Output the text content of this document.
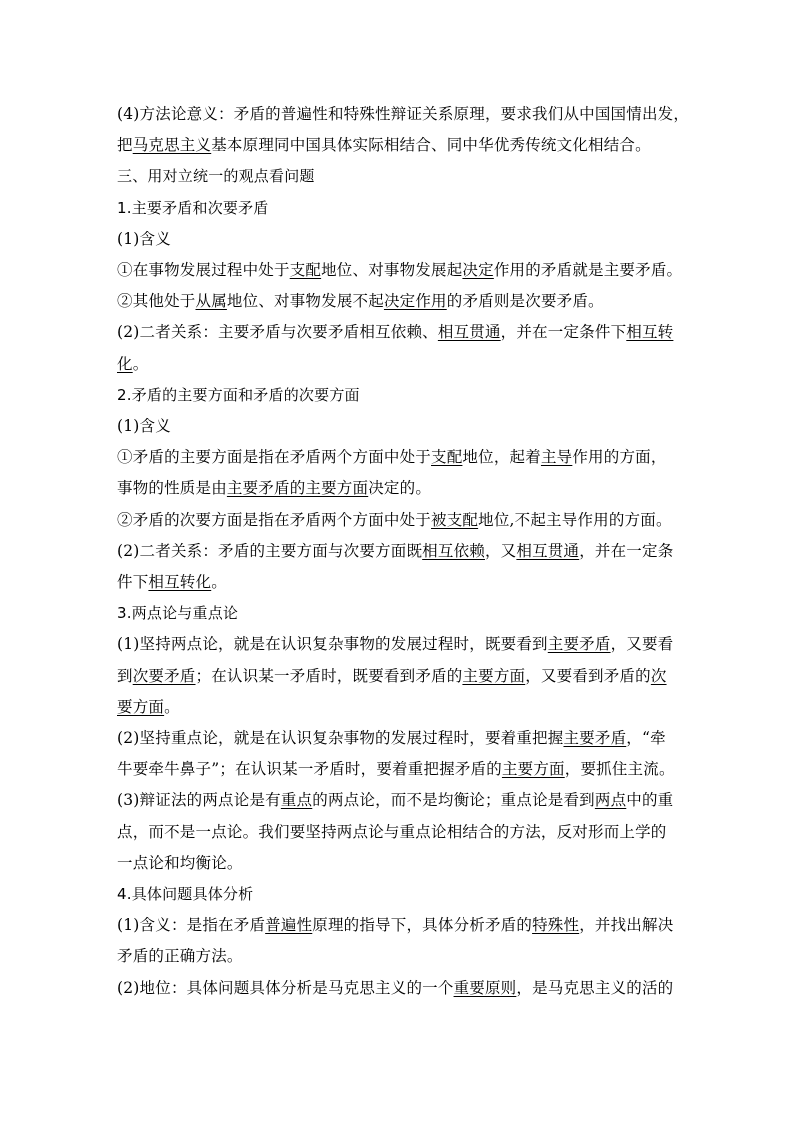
(4)方法论意义：矛盾的普遍性和特殊性辩证关系原理，要求我们从中国国情出发，
把马克思主义基本原理同中国具体实际相结合、同中华优秀传统文化相结合。
三、用对立统一的观点看问题
1.主要矛盾和次要矛盾
(1)含义
①在事物发展过程中处于支配地位、对事物发展起决定作用的矛盾就是主要矛盾。
②其他处于从属地位、对事物发展不起决定作用的矛盾则是次要矛盾。
(2)二者关系：主要矛盾与次要矛盾相互依赖、相互贯通，并在一定条件下相互转
化。
2.矛盾的主要方面和矛盾的次要方面
(1)含义
①矛盾的主要方面是指在矛盾两个方面中处于支配地位，起着主导作用的方面，
事物的性质是由主要矛盾的主要方面决定的。
②矛盾的次要方面是指在矛盾两个方面中处于被支配地位,不起主导作用的方面。
(2)二者关系：矛盾的主要方面与次要方面既相互依赖，又相互贯通，并在一定条
件下相互转化。
3.两点论与重点论
(1)坚持两点论，就是在认识复杂事物的发展过程时，既要看到主要矛盾，又要看
到次要矛盾；在认识某一矛盾时，既要看到矛盾的主要方面，又要看到矛盾的次
要方面。
(2)坚持重点论，就是在认识复杂事物的发展过程时，要着重把握主要矛盾，“牵
牛要牵牛鼻子”；在认识某一矛盾时，要着重把握矛盾的主要方面，要抓住主流。
(3)辩证法的两点论是有重点的两点论，而不是均衡论；重点论是看到两点中的重
点，而不是一点论。我们要坚持两点论与重点论相结合的方法，反对形而上学的
一点论和均衡论。
4.具体问题具体分析
(1)含义：是指在矛盾普遍性原理的指导下，具体分析矛盾的特殊性，并找出解决
矛盾的正确方法。
(2)地位：具体问题具体分析是马克思主义的一个重要原则，是马克思主义的活的
